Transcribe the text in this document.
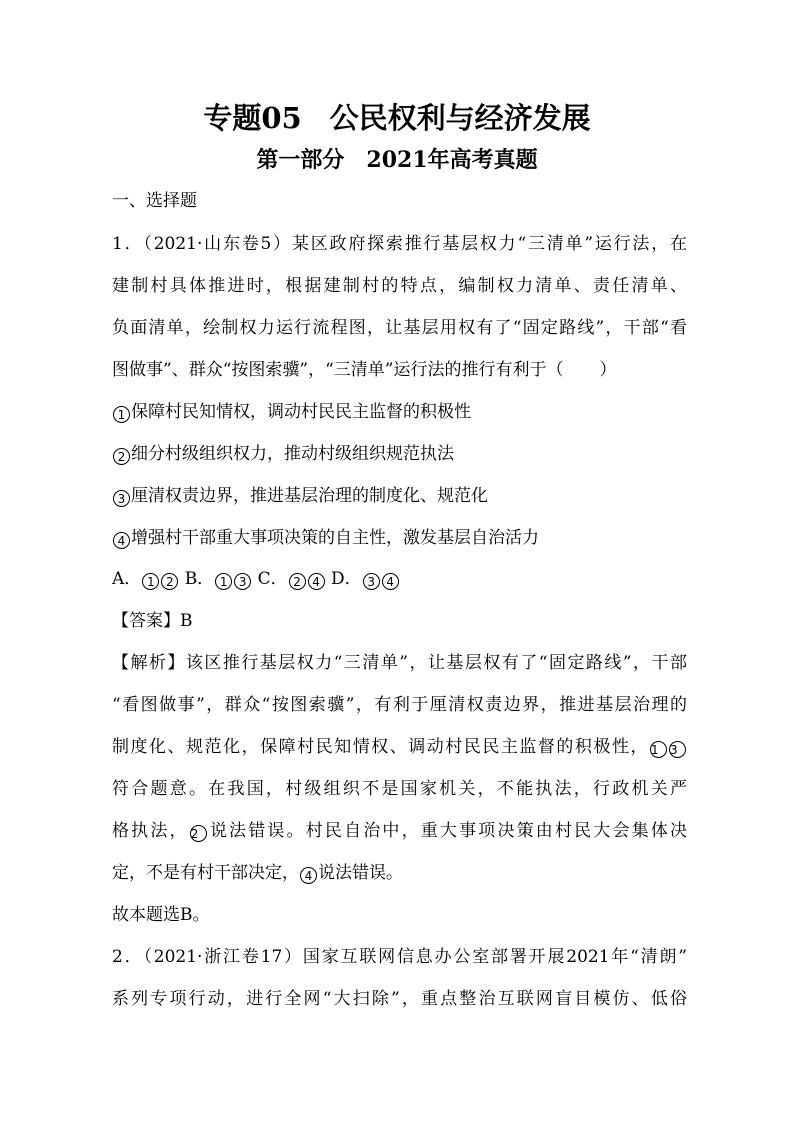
专题05 公民权利与经济发展
第一部分 2021年高考真题
一、选择题
1．（2021·山东卷5）某区政府探索推行基层权力“三清单”运行法，在
建制村具体推进时，根据建制村的特点，编制权力清单、责任清单、
负面清单，绘制权力运行流程图，让基层用权有了“固定路线”，干部“看
图做事”、群众“按图索骥”，“三清单”运行法的推行有利于（ ）
1 保障村民知情权，调动村民民主监督的积极性
2 细分村级组织权力，推动村级组织规范执法
3 厘清权责边界，推进基层治理的制度化、规范化
4 增强村干部重大事项决策的自主性，激发基层自治活力
A． 1 2 B． 1 3 C． 2 4 D． 3 4
【答案】B
【解析】该区推行基层权力“三清单”，让基层权有了“固定路线”，干部
“看图做事”，群众“按图索骥”，有利于厘清权责边界，推进基层治理的
制度化、规范化，保障村民知情权、调动村民民主监督的积极性， 1 3
符合题意。在我国，村级组织不是国家机关，不能执法，行政机关严
格执法， 2 说法错误。村民自治中，重大事项决策由村民大会集体决
定，不是有村干部决定， 4 说法错误。
故本题选B。
2．（2021·浙江卷17）国家互联网信息办公室部署开展2021年“清朗”
系列专项行动，进行全网“大扫除”，重点整治互联网盲目模仿、低俗
